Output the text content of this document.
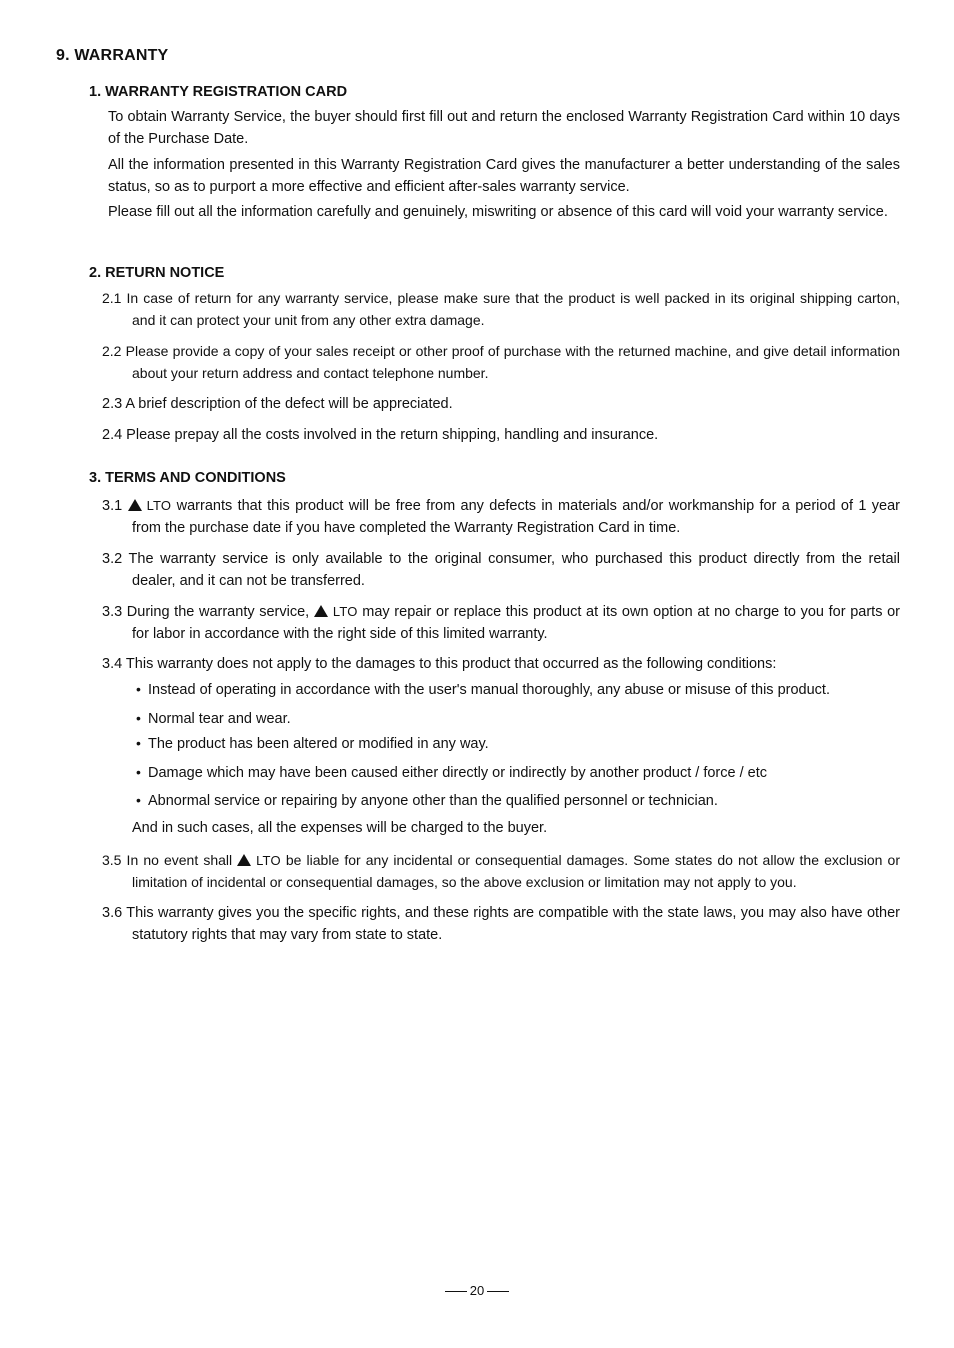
9. WARRANTY
1. WARRANTY REGISTRATION CARD
To obtain Warranty Service, the buyer should first fill out and return the enclosed Warranty Registration Card within 10 days of the Purchase Date.
All the information presented in this Warranty Registration Card gives the manufacturer a better understanding of the sales status, so as to purport a more effective and efficient after-sales warranty service.
Please fill out all the information carefully and genuinely, miswriting or absence of this card will void your warranty service.
2. RETURN NOTICE
2.1 In case of return for any warranty service, please make sure that the product is well packed in its original shipping carton, and it can protect your unit from any other extra damage.
2.2 Please provide a copy of your sales receipt or other proof of purchase with the returned machine, and give detail information about your return address and contact telephone number.
2.3 A brief description of the defect will be appreciated.
2.4 Please prepay all the costs involved in the return shipping, handling and insurance.
3. TERMS AND CONDITIONS
3.1  LTO warrants that this product will be free from any defects in materials and/or workmanship for a period of 1 year from the purchase date if you have completed the Warranty Registration Card in time.
3.2 The warranty service is only available to the original consumer, who purchased this product directly from the retail dealer, and it can not be transferred.
3.3 During the warranty service,  LTO may repair or replace this product at its own option at no charge to you for parts or for labor in accordance with the right side of this limited warranty.
3.4 This warranty does not apply to the damages to this product that occurred as the following conditions:
• Instead of operating in accordance with the user's manual thoroughly, any abuse or misuse of this product.
• Normal tear and wear.
• The product has been altered or modified in any way.
• Damage which may have been caused either directly or indirectly by another product / force / etc
• Abnormal service or repairing by anyone other than the qualified personnel or technician.
And in such cases, all the expenses will be charged to the buyer.
3.5 In no event shall  LTO be liable for any incidental or consequential damages. Some states do not allow the exclusion or limitation of incidental or consequential damages, so the above exclusion or limitation may not apply to you.
3.6 This warranty gives you the specific rights, and these rights are compatible with the state laws, you may also have other statutory rights that may vary from state to state.
20
